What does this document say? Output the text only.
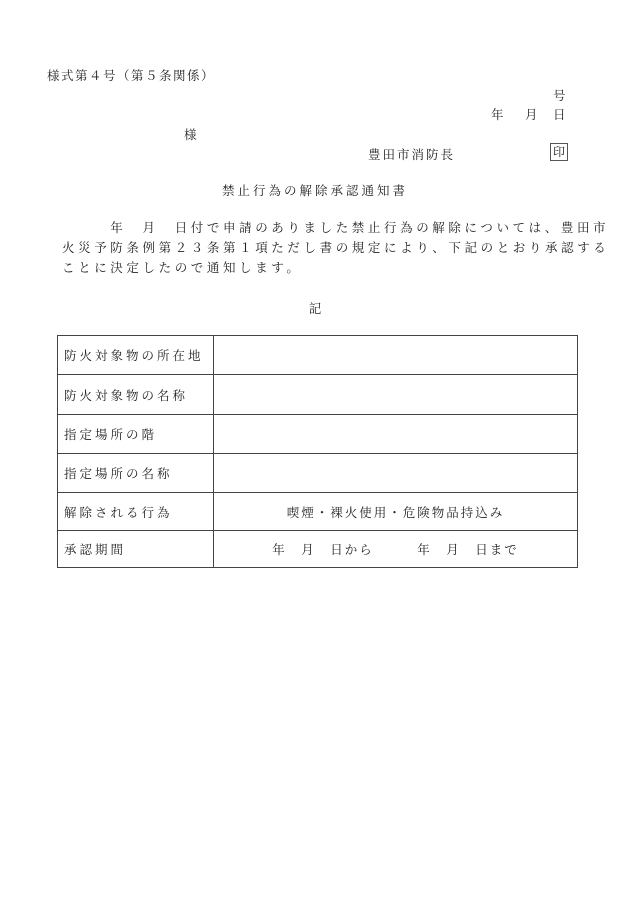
様式第４号（第５条関係）
号
年 月 日
様
豊田市消防長	印
禁止行為の解除承認通知書

　　　年　月　日付で申請のありました禁止行為の解除については、豊田市

火災予防条例第２３条第１項ただし書の規定により、下記のとおり承認する

ことに決定したので通知します。

記
防火対象物の所在地	
防火対象物の名称	
指定場所の階	
指定場所の名称	
解除される行為	喫煙・裸火使用・危険物品持込み
承認期間	年　月　日から　　　年　月　日まで
